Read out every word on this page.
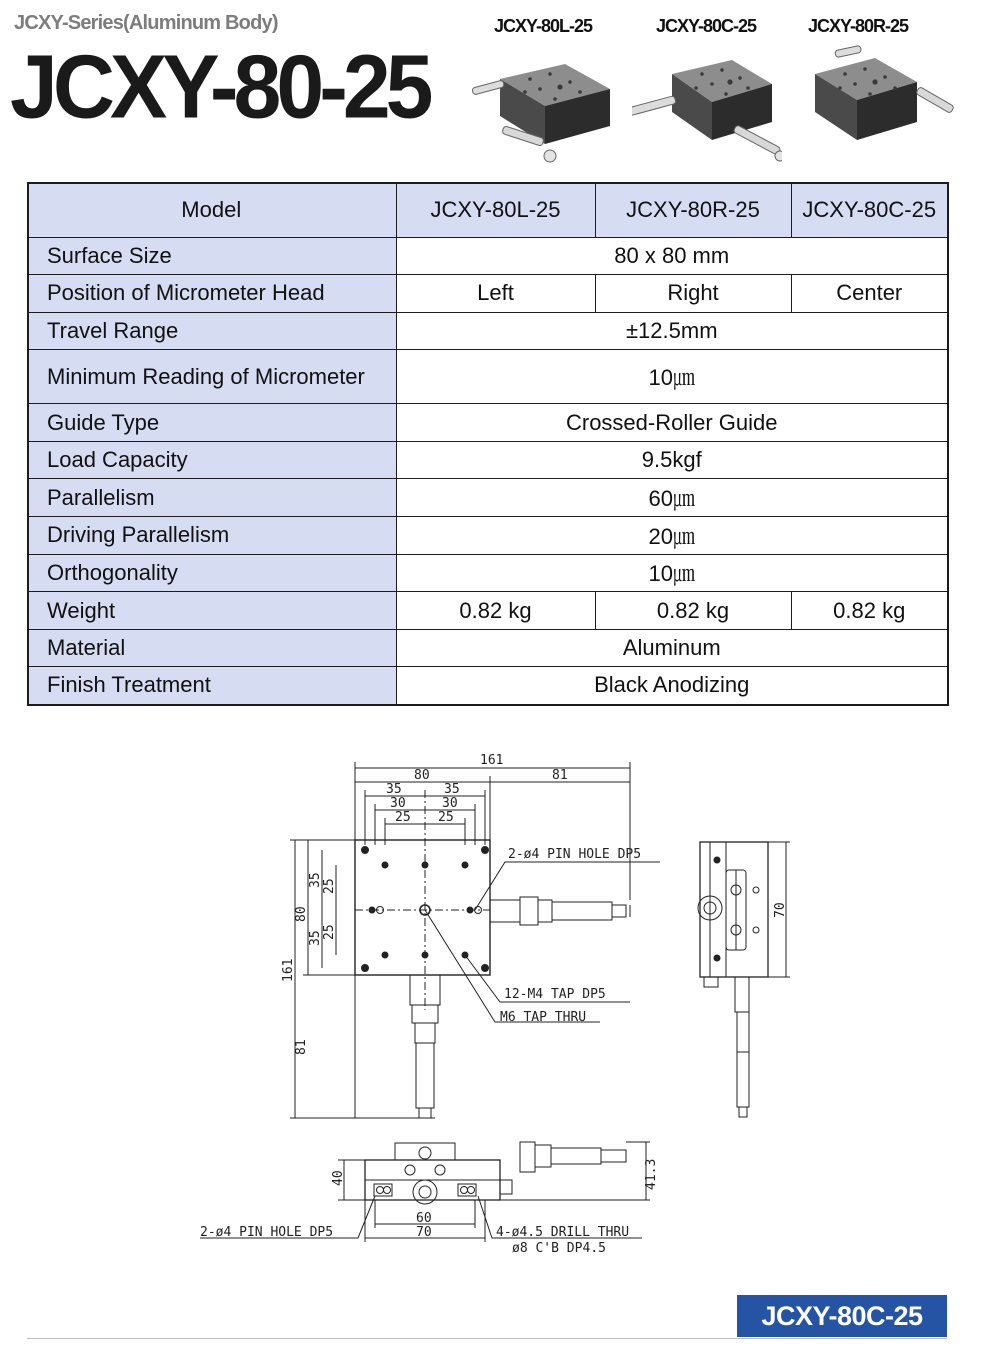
JCXY-Series(Aluminum Body)
JCXY-80-25
JCXY-80L-25	JCXY-80C-25	JCXY-80R-25
Model	JCXY-80L-25	JCXY-80R-25	JCXY-80C-25
Surface Size	80 x 80 mm		
Position of Micrometer Head	Left	Right	Center
Travel Range	±12.5mm		
Minimum Reading of Micrometer	10㎛		
Guide Type	Crossed-Roller Guide		
Load Capacity	9.5kgf		
Parallelism	60㎛		
Driving Parallelism	20㎛		
Orthogonality	10㎛		
Weight	0.82 kg	0.82 kg	0.82 kg
Material	Aluminum		
Finish Treatment	Black Anodizing		
161
80	81
35	35
30	30
25 25
161
80
81
35
35
25
25
2-ø4 PIN HOLE DP5
12-M4 TAP DP5
M6 TAP THRU
70
41.3
40
60
70
2-ø4 PIN HOLE DP5	4-ø4.5 DRILL THRU
ø8 C'B DP4.5
JCXY-80C-25
